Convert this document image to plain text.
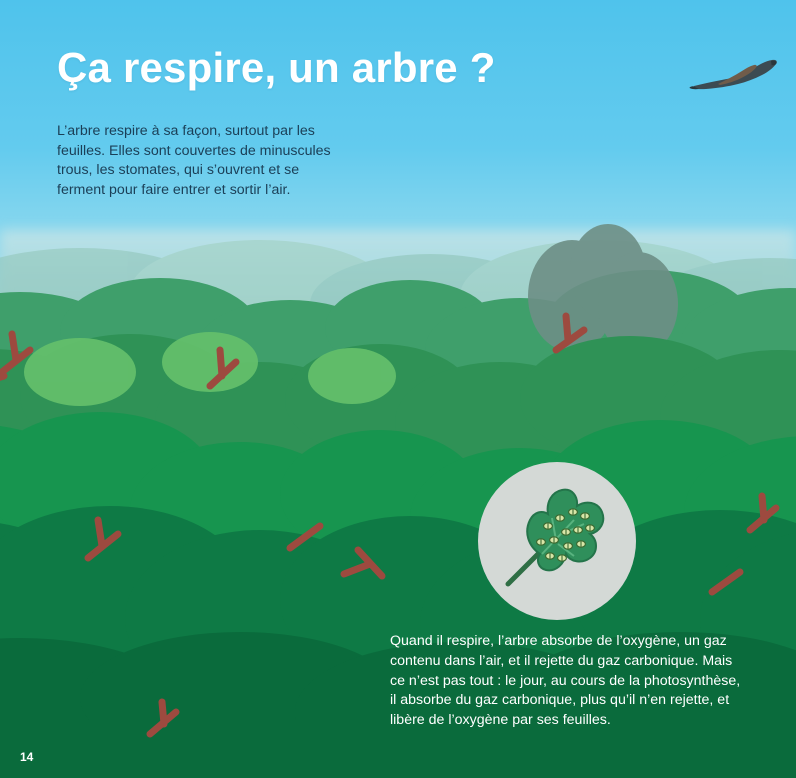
Ça respire, un arbre ?

L’arbre respire à sa façon, surtout par les feuilles. Elles sont couvertes de minuscules trous, les stomates, qui s’ouvrent et se ferment pour faire entrer et sortir l’air.

Quand il respire, l’arbre absorbe de l’oxygène, un gaz contenu dans l’air, et il rejette du gaz carbonique. Mais ce n’est pas tout : le jour, au cours de la photosynthèse, il absorbe du gaz carbonique, plus qu’il n’en rejette, et libère de l’oxygène par ses feuilles.

14
